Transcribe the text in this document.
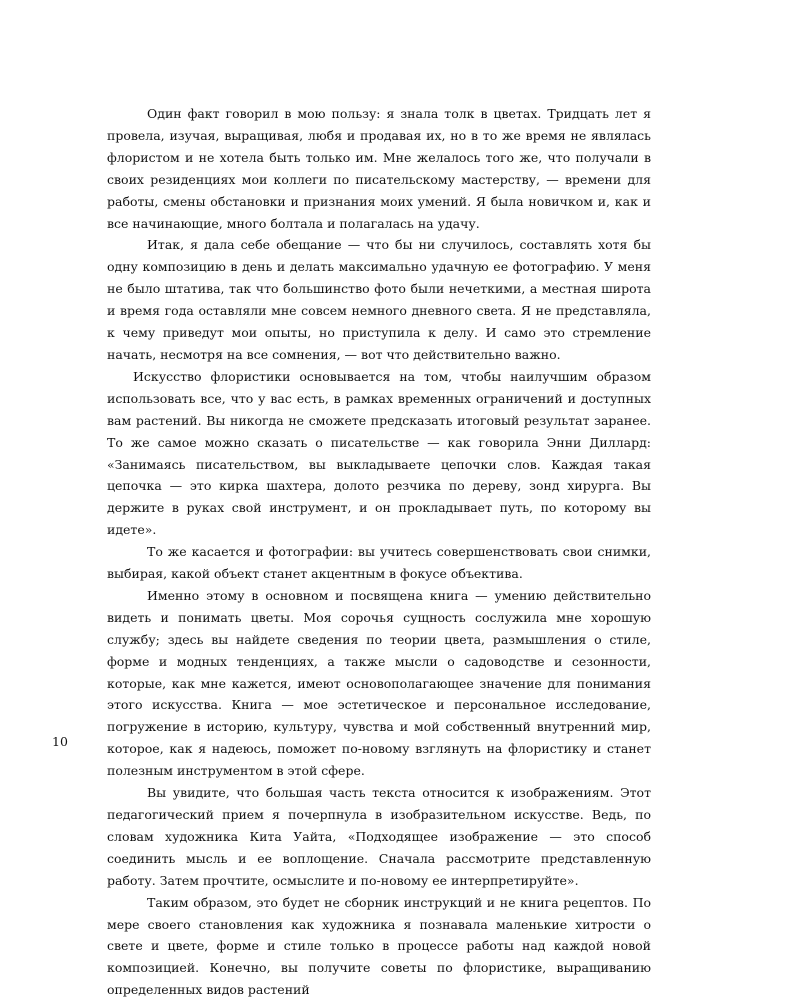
Один факт говорил в мою пользу: я знала толк в цветах. Тридцать лет я провела, изучая, выращивая, любя и продавая их, но в то же время не являлась флористом и не хотела быть только им. Мне желалось того же, что получали в своих резиденциях мои коллеги по писательскому мастерству, — времени для работы, смены обстановки и признания моих умений. Я была новичком и, как и все начинающие, много болтала и полагалась на удачу.

Итак, я дала себе обещание — что бы ни случилось, составлять хотя бы одну композицию в день и делать максимально удачную ее фотографию. У меня не было штатива, так что большинство фото были нечеткими, а местная широта и время года оставляли мне совсем немного дневного света. Я не представляла, к чему приведут мои опыты, но приступила к делу. И само это стремление начать, несмотря на все сомнения, — вот что действительно важно.

Искусство флористики основывается на том, чтобы наилучшим образом использовать все, что у вас есть, в рамках временных ограничений и доступных вам растений. Вы никогда не сможете предсказать итоговый результат заранее. То же самое можно сказать о писательстве — как говорила Энни Диллард: «Занимаясь писательством, вы выкладываете цепочки слов. Каждая такая цепочка — это кирка шахтера, долото резчика по дереву, зонд хирурга. Вы держите в руках свой инструмент, и он прокладывает путь, по которому вы идете».

То же касается и фотографии: вы учитесь совершенствовать свои снимки, выбирая, какой объект станет акцентным в фокусе объектива.

Именно этому в основном и посвящена книга — умению действительно видеть и понимать цветы. Моя сорочья сущность сослужила мне хорошую службу; здесь вы найдете сведения по теории цвета, размышления о стиле, форме и модных тенденциях, а также мысли о садоводстве и сезонности, которые, как мне кажется, имеют основополагающее значение для понимания этого искусства. Книга — мое эстетическое и персональное исследование, погружение в историю, культуру, чувства и мой собственный внутренний мир, которое, как я надеюсь, поможет по-новому взглянуть на флористику и станет полезным инструментом в этой сфере.

Вы увидите, что большая часть текста относится к изображениям. Этот педагогический прием я почерпнула в изобразительном искусстве. Ведь, по словам художника Кита Уайта, «Подходящее изображение — это способ соединить мысль и ее воплощение. Сначала рассмотрите представленную работу. Затем прочтите, осмыслите и по-новому ее интерпретируйте».

Таким образом, это будет не сборник инструкций и не книга рецептов. По мере своего становления как художника я познавала маленькие хитрости о свете и цвете, форме и стиле только в процессе работы над каждой новой композицией. Конечно, вы получите советы по флористике, выращиванию определенных видов растений

10
